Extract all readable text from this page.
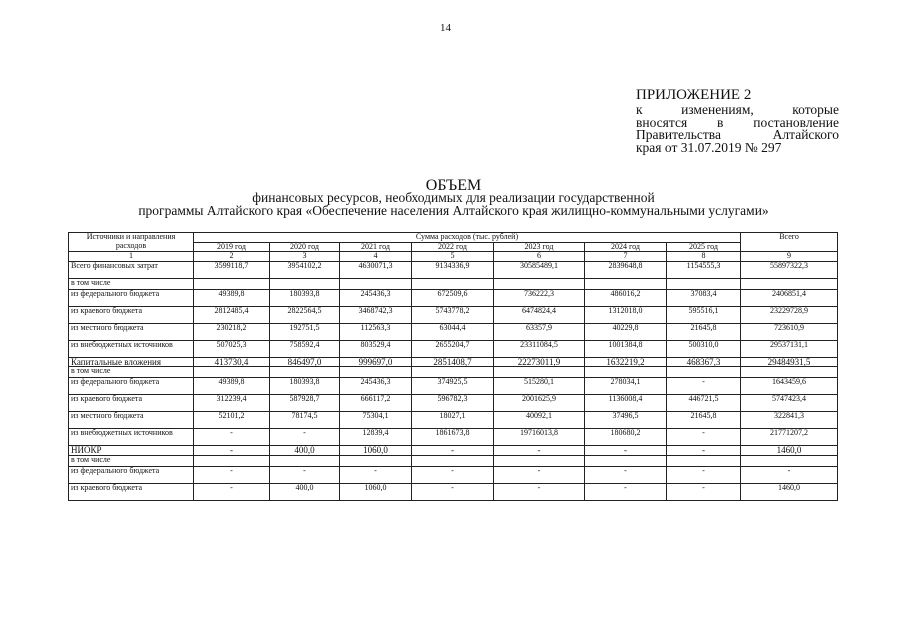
14
ПРИЛОЖЕНИЕ 2
к изменениям, которые
вносятся в постановление
Правительства Алтайского
края от 31.07.2019 № 297
ОБЪЕМ
финансовых ресурсов, необходимых для реализации государственной
программы Алтайского края «Обеспечение населения Алтайского края жилищно-коммунальными услугами»
Источники и направления расходов	Сумма расходов (тыс. рублей)							Всего
	2019 год	2020 год	2021 год	2022 год	2023 год	2024 год	2025 год	
1	2	3	4	5	6	7	8	9
Всего финансовых затрат	3599118,7	3954102,2	4630071,3	9134336,9	30585489,1	2839648,8	1154555,3	55897322,3
в том числе								
из федерального бюджета	49389,8	180393,8	245436,3	672509,6	736222,3	486016,2	37083,4	2406851,4
из краевого бюджета	2812485,4	2822564,5	3468742,3	5743778,2	6474824,4	1312018,0	595516,1	23229728,9
из местного бюджета	230218,2	192751,5	112563,3	63044,4	63357,9	40229,8	21645,8	723610,9
из внебюджетных источников	507025,3	758592,4	803529,4	2655204,7	23311084,5	1001384,8	500310,0	29537131,1
Капитальные вложения	413730,4	846497,0	999697,0	2851408,7	22273011,9	1632219,2	468367,3	29484931,5
в том числе								
из федерального бюджета	49389,8	180393,8	245436,3	374925,5	515280,1	278034,1	-	1643459,6
из краевого бюджета	312239,4	587928,7	666117,2	596782,3	2001625,9	1136008,4	446721,5	5747423,4
из местного бюджета	52101,2	78174,5	75304,1	18027,1	40092,1	37496,5	21645,8	322841,3
из внебюджетных источников	-	-	12839,4	1861673,8	19716013,8	180680,2	-	21771207,2
НИОКР	-	400,0	1060,0	-	-	-	-	1460,0
в том числе								
из федерального бюджета	-	-	-	-	-	-	-	-
из краевого бюджета	-	400,0	1060,0	-	-	-	-	1460,0
